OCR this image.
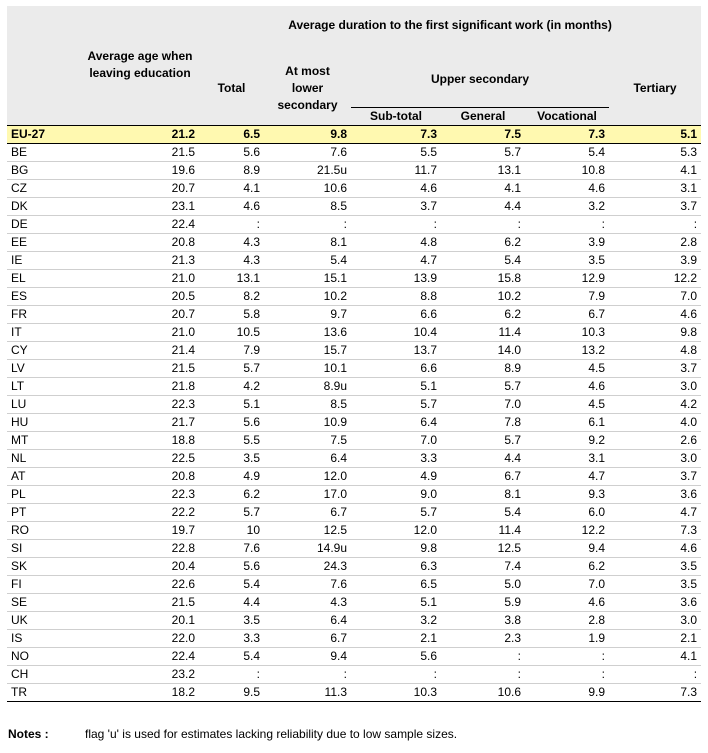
	Average age when leaving education	Average duration to the first significant work (in months)					
		Total	At most lower secondary	Upper secondary			Tertiary
				Sub-total	General	Vocational	
EU-27	21.2	6.5	9.8	7.3	7.5	7.3	5.1
BE	21.5	5.6	7.6	5.5	5.7	5.4	5.3
BG	19.6	8.9	21.5u	11.7	13.1	10.8	4.1
CZ	20.7	4.1	10.6	4.6	4.1	4.6	3.1
DK	23.1	4.6	8.5	3.7	4.4	3.2	3.7
DE	22.4	:	:	:	:	:	:
EE	20.8	4.3	8.1	4.8	6.2	3.9	2.8
IE	21.3	4.3	5.4	4.7	5.4	3.5	3.9
EL	21.0	13.1	15.1	13.9	15.8	12.9	12.2
ES	20.5	8.2	10.2	8.8	10.2	7.9	7.0
FR	20.7	5.8	9.7	6.6	6.2	6.7	4.6
IT	21.0	10.5	13.6	10.4	11.4	10.3	9.8
CY	21.4	7.9	15.7	13.7	14.0	13.2	4.8
LV	21.5	5.7	10.1	6.6	8.9	4.5	3.7
LT	21.8	4.2	8.9u	5.1	5.7	4.6	3.0
LU	22.3	5.1	8.5	5.7	7.0	4.5	4.2
HU	21.7	5.6	10.9	6.4	7.8	6.1	4.0
MT	18.8	5.5	7.5	7.0	5.7	9.2	2.6
NL	22.5	3.5	6.4	3.3	4.4	3.1	3.0
AT	20.8	4.9	12.0	4.9	6.7	4.7	3.7
PL	22.3	6.2	17.0	9.0	8.1	9.3	3.6
PT	22.2	5.7	6.7	5.7	5.4	6.0	4.7
RO	19.7	10	12.5	12.0	11.4	12.2	7.3
SI	22.8	7.6	14.9u	9.8	12.5	9.4	4.6
SK	20.4	5.6	24.3	6.3	7.4	6.2	3.5
FI	22.6	5.4	7.6	6.5	5.0	7.0	3.5
SE	21.5	4.4	4.3	5.1	5.9	4.6	3.6
UK	20.1	3.5	6.4	3.2	3.8	2.8	3.0
IS	22.0	3.3	6.7	2.1	2.3	1.9	2.1
NO	22.4	5.4	9.4	5.6	:	:	4.1
CH	23.2	:	:	:	:	:	:
TR	18.2	9.5	11.3	10.3	10.6	9.9	7.3
Notes :	flag 'u' is used for estimates lacking reliability due to low sample sizes.
